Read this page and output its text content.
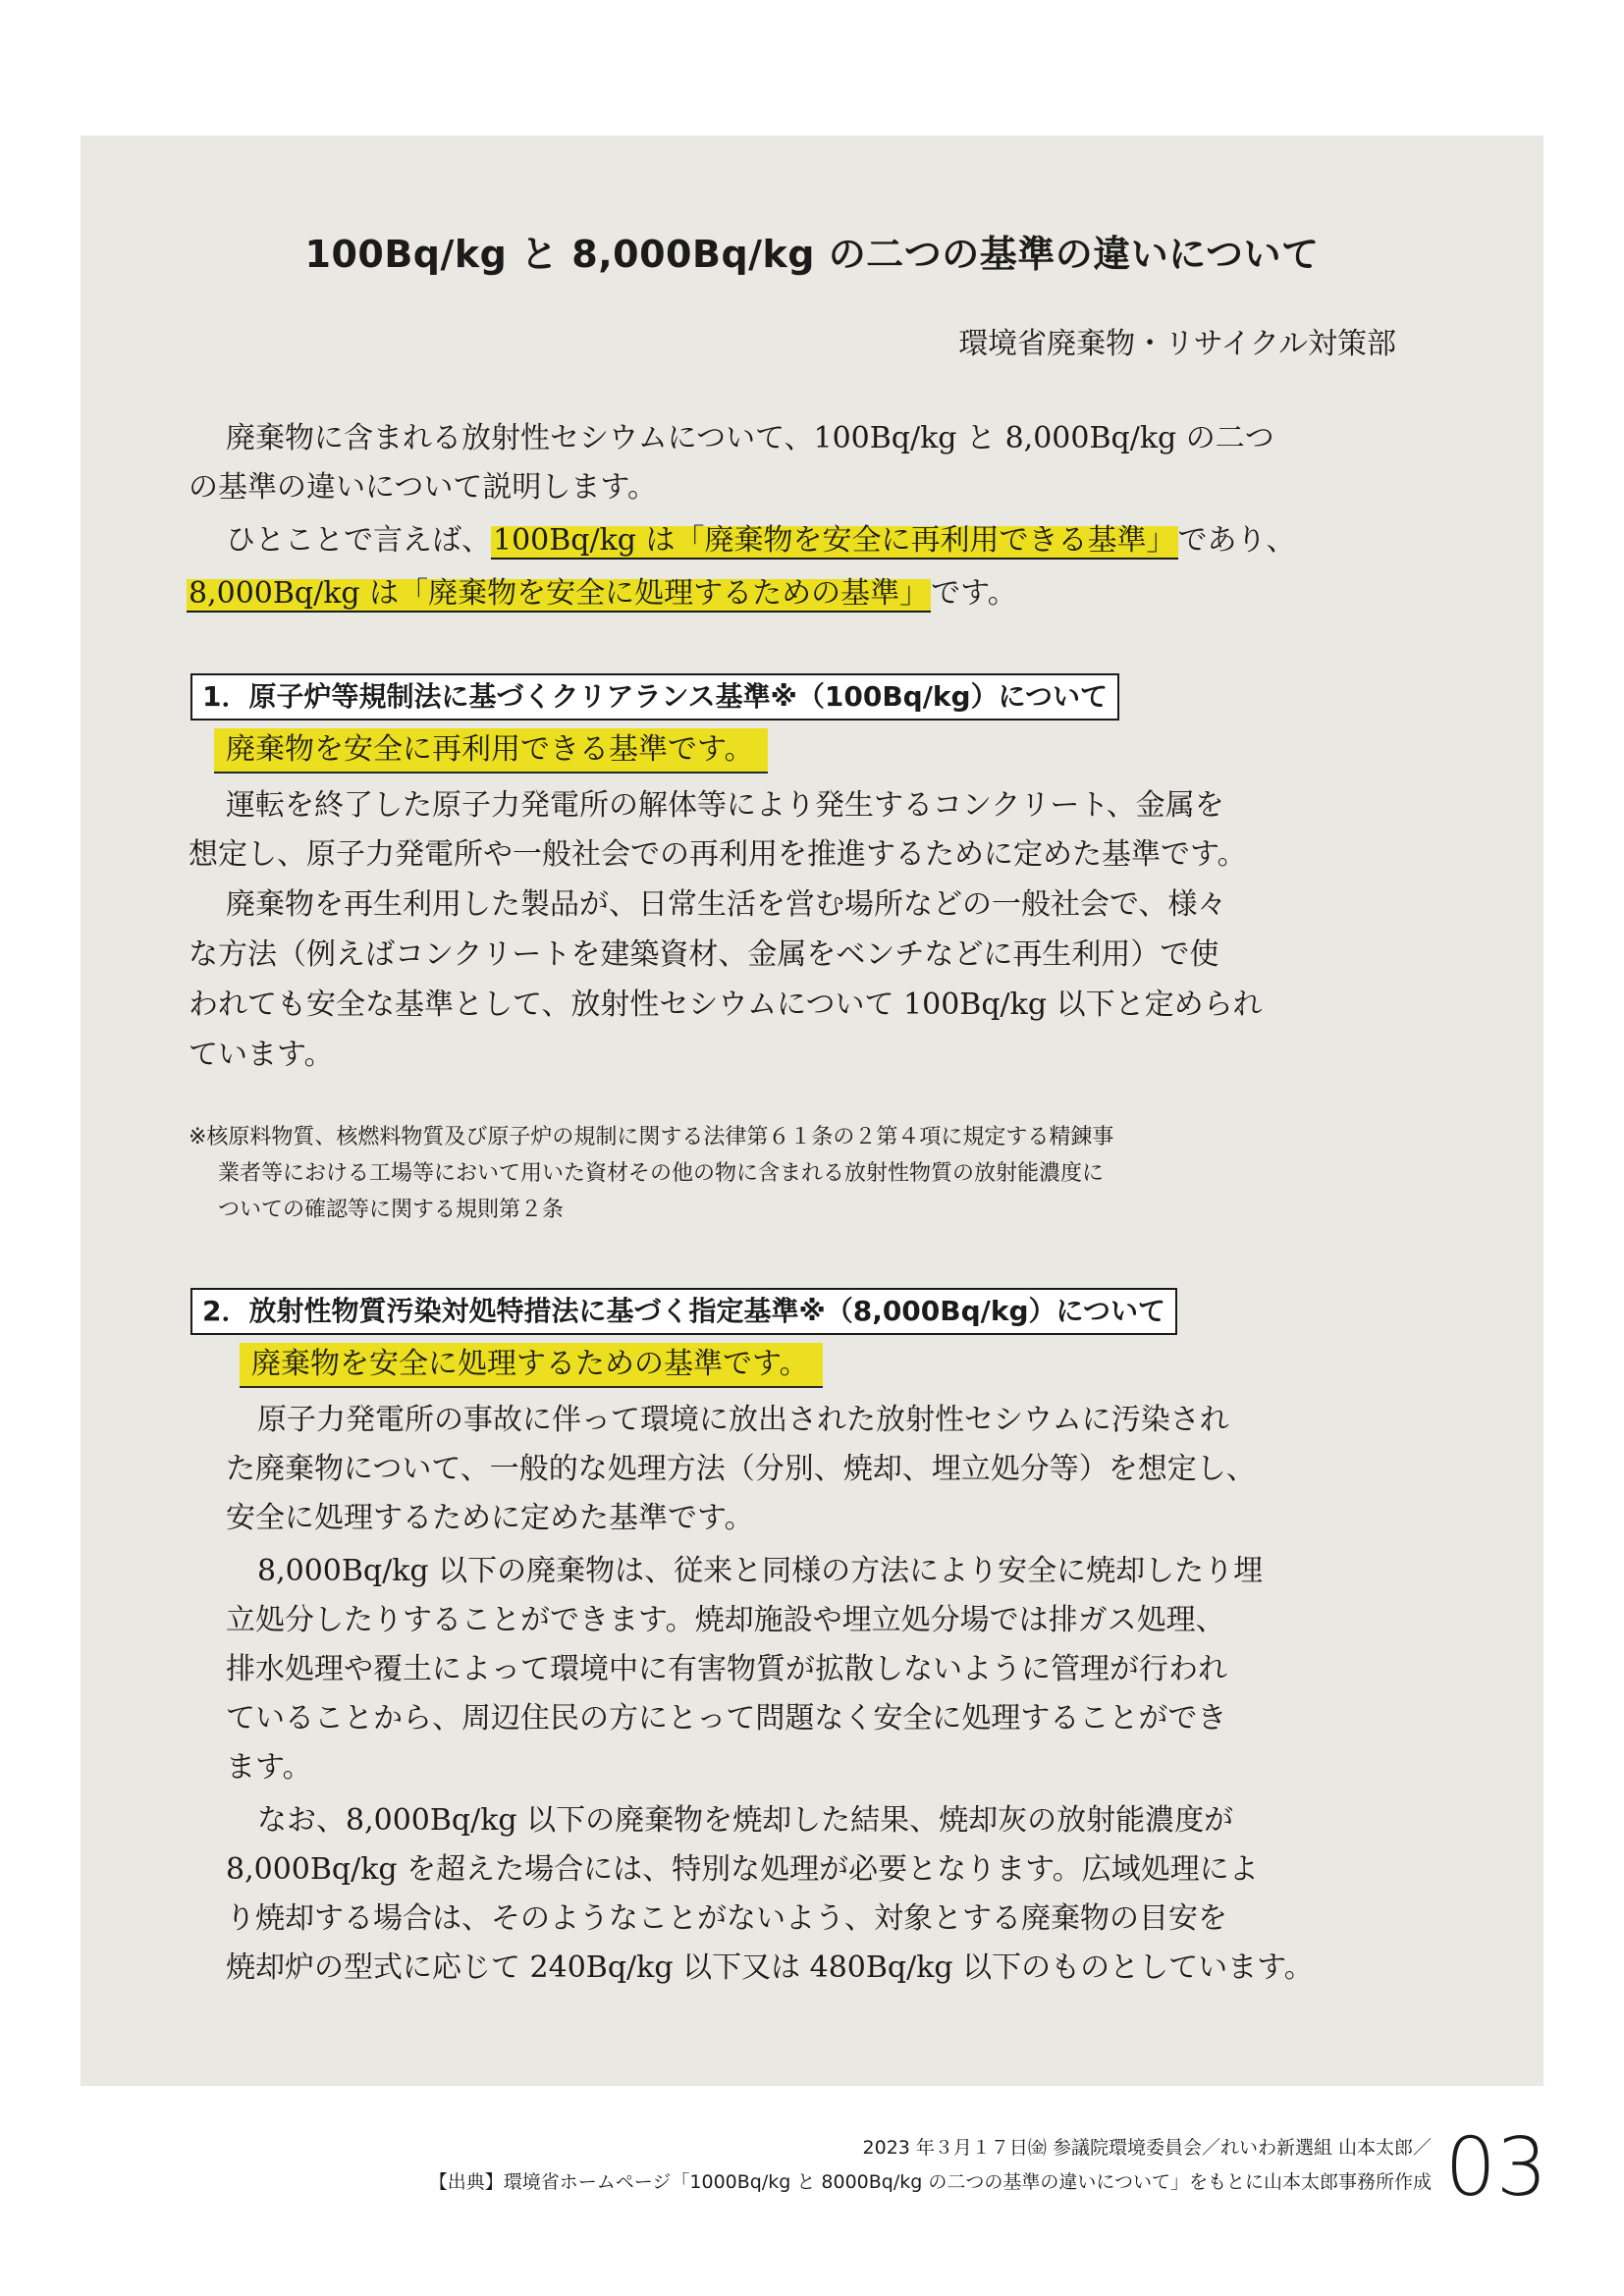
100Bq/kg と 8,000Bq/kg の二つの基準の違いについて
環境省廃棄物・リサイクル対策部
廃棄物に含まれる放射性セシウムについて、100Bq/kg と 8,000Bq/kg の二つ
の基準の違いについて説明します。
ひとことで言えば、100Bq/kg は「廃棄物を安全に再利用できる基準」であり、
8,000Bq/kg は「廃棄物を安全に処理するための基準」です。
1．原子炉等規制法に基づくクリアランス基準※（100Bq/kg）について
廃棄物を安全に再利用できる基準です。
運転を終了した原子力発電所の解体等により発生するコンクリート、金属を
想定し、原子力発電所や一般社会での再利用を推進するために定めた基準です。
廃棄物を再生利用した製品が、日常生活を営む場所などの一般社会で、様々
な方法（例えばコンクリートを建築資材、金属をベンチなどに再生利用）で使
われても安全な基準として、放射性セシウムについて 100Bq/kg 以下と定められ
ています。
※核原料物質、核燃料物質及び原子炉の規制に関する法律第６１条の２第４項に規定する精錬事
業者等における工場等において用いた資材その他の物に含まれる放射性物質の放射能濃度に
ついての確認等に関する規則第２条
2．放射性物質汚染対処特措法に基づく指定基準※（8,000Bq/kg）について
廃棄物を安全に処理するための基準です。
原子力発電所の事故に伴って環境に放出された放射性セシウムに汚染され
た廃棄物について、一般的な処理方法（分別、焼却、埋立処分等）を想定し、
安全に処理するために定めた基準です。
8,000Bq/kg 以下の廃棄物は、従来と同様の方法により安全に焼却したり埋
立処分したりすることができます。焼却施設や埋立処分場では排ガス処理、
排水処理や覆土によって環境中に有害物質が拡散しないように管理が行われ
ていることから、周辺住民の方にとって問題なく安全に処理することができ
ます。
なお、8,000Bq/kg 以下の廃棄物を焼却した結果、焼却灰の放射能濃度が
8,000Bq/kg を超えた場合には、特別な処理が必要となります。広域処理によ
り焼却する場合は、そのようなことがないよう、対象とする廃棄物の目安を
焼却炉の型式に応じて 240Bq/kg 以下又は 480Bq/kg 以下のものとしています。
2023 年３月１７日㈮ 参議院環境委員会／れいわ新選組 山本太郎／
【出典】環境省ホームページ「1000Bq/kg と 8000Bq/kg の二つの基準の違いについて」をもとに山本太郎事務所作成 03
